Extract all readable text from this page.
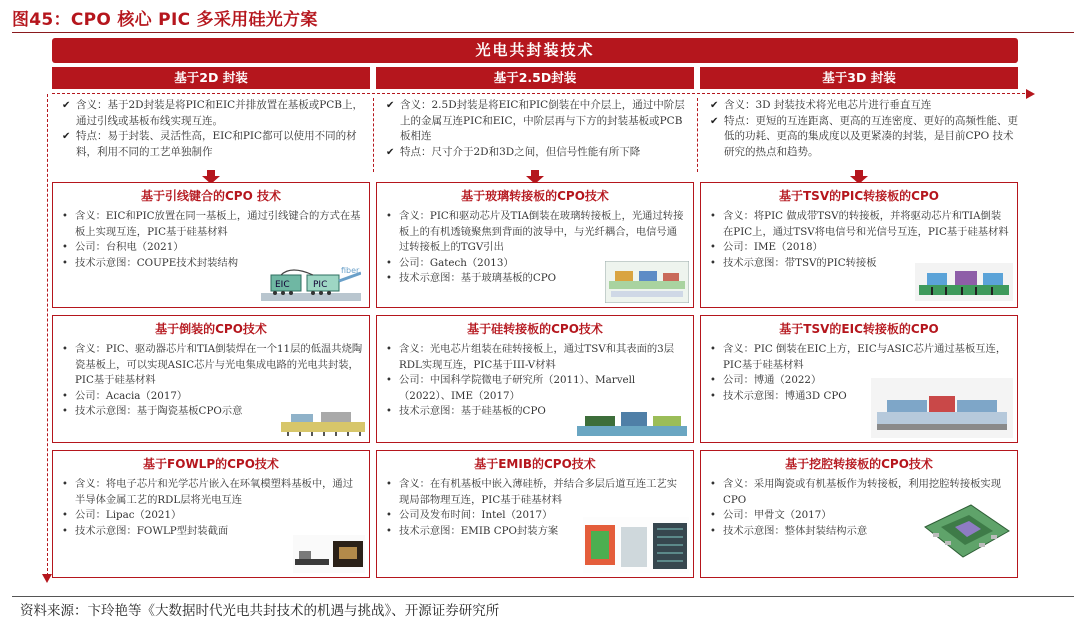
图45：CPO 核心 PIC 多采用硅光方案
光电共封装技术
基于2D 封装	基于2.5D封装	基于3D 封装
✔ 含义：基于2D封装是将PIC和EIC并排放置在基板或PCB上，通过引线或基板布线实现互连。
✔ 特点：易于封装、灵活性高，EIC和PIC都可以使用不同的材料，利用不同的工艺单独制作
✔ 含义：2.5D封装是将EIC和PIC倒装在中介层上，通过中阶层上的金属互连PIC和EIC，中阶层再与下方的封装基板或PCB 板相连
✔ 特点：尺寸介于2D和3D之间，但信号性能有所下降
✔ 含义：3D 封装技术将光电芯片进行垂直互连
✔ 特点：更短的互连距离、更高的互连密度、更好的高频性能、更低的功耗、更高的集成度以及更紧凑的封装，是目前CPO 技术研究的热点和趋势。
基于引线键合的CPO 技术
• 含义：EIC和PIC放置在同一基板上，通过引线键合的方式在基板上实现互连，PIC基于硅基材料
• 公司：台积电（2021）
• 技术示意图：COUPE技术封装结构
EIC	PIC
fiber
基于玻璃转接板的CPO技术
• 含义：PIC和驱动芯片及TIA倒装在玻璃转接板上，光通过转接板上的有机透镜聚焦到背面的波导中，与光纤耦合，电信号通过转接板上的TGV引出
• 公司：Gatech（2013）
• 技术示意图：基于玻璃基板的CPO
基于TSV的PIC转接板的CPO
• 含义：将PIC 做成带TSV的转接板，并将驱动芯片和TIA倒装在PIC上，通过TSV将电信号和光信号互连，PIC基于硅基材料
• 公司：IME（2018）
• 技术示意图：带TSV的PIC转接板
基于倒装的CPO技术
• 含义：PIC、驱动器芯片和TIA倒装焊在一个11层的低温共烧陶瓷基板上，可以实现ASIC芯片与光电集成电路的光电共封装， PIC基于硅基材料
• 公司：Acacia（2017）
• 技术示意图：基于陶瓷基板CPO示意
基于硅转接板的CPO技术
• 含义：光电芯片组装在硅转接板上，通过TSV和其表面的3层RDL实现互连，PIC基于III-V材料
• 公司：中国科学院微电子研究所（2011）、Marvell（2022）、IME（2017）
• 技术示意图：基于硅基板的CPO
基于TSV的EIC转接板的CPO
• 含义：PIC 倒装在EIC上方，EIC与ASIC芯片通过基板互连，PIC基于硅基材料
• 公司：博通（2022）
• 技术示意图：博通3D CPO
基于FOWLP的CPO技术
• 含义：将电子芯片和光学芯片嵌入在环氧模塑料基板中，通过半导体金属工艺的RDL层将光电互连
• 公司：Lipac（2021）
• 技术示意图：FOWLP型封装截面
基于EMIB的CPO技术
• 含义：在有机基板中嵌入薄硅桥，并结合多层后道互连工艺实现局部物理互连，PIC基于硅基材料
• 公司及发布时间：Intel（2017）
• 技术示意图：EMIB CPO封装方案
基于挖腔转接板的CPO技术
• 含义：采用陶瓷或有机基板作为转接板，利用挖腔转接板实现CPO
• 公司：甲骨文（2017）
• 技术示意图：整体封装结构示意
资料来源：卞玲艳等《大数据时代光电共封技术的机遇与挑战》、开源证券研究所
